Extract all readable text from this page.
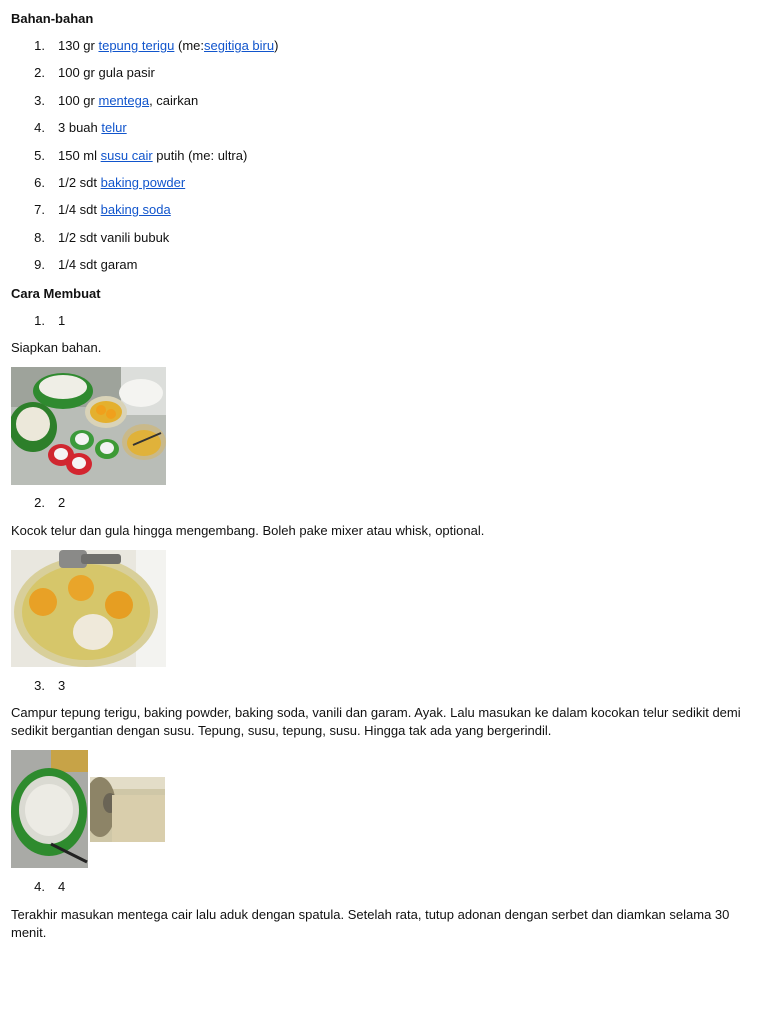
Bahan-bahan

1.	130 gr tepung terigu (me:segitiga biru)
2.	100 gr gula pasir
3.	100 gr mentega, cairkan
4.	3 buah telur
5.	150 ml susu cair putih (me: ultra)
6.	1/2 sdt baking powder
7.	1/4 sdt baking soda
8.	1/2 sdt vanili bubuk
9.	1/4 sdt garam

Cara Membuat

1.	1

Siapkan bahan.

2.	2

Kocok telur dan gula hingga mengembang. Boleh pake mixer atau whisk, optional.

3.	3

Campur tepung terigu, baking powder, baking soda, vanili dan garam. Ayak. Lalu masukan ke dalam kocokan telur sedikit demi sedikit bergantian dengan susu. Tepung, susu, tepung, susu. Hingga tak ada yang bergerindil.

4.	4

Terakhir masukan mentega cair lalu aduk dengan spatula. Setelah rata, tutup adonan dengan serbet dan diamkan selama 30 menit.
